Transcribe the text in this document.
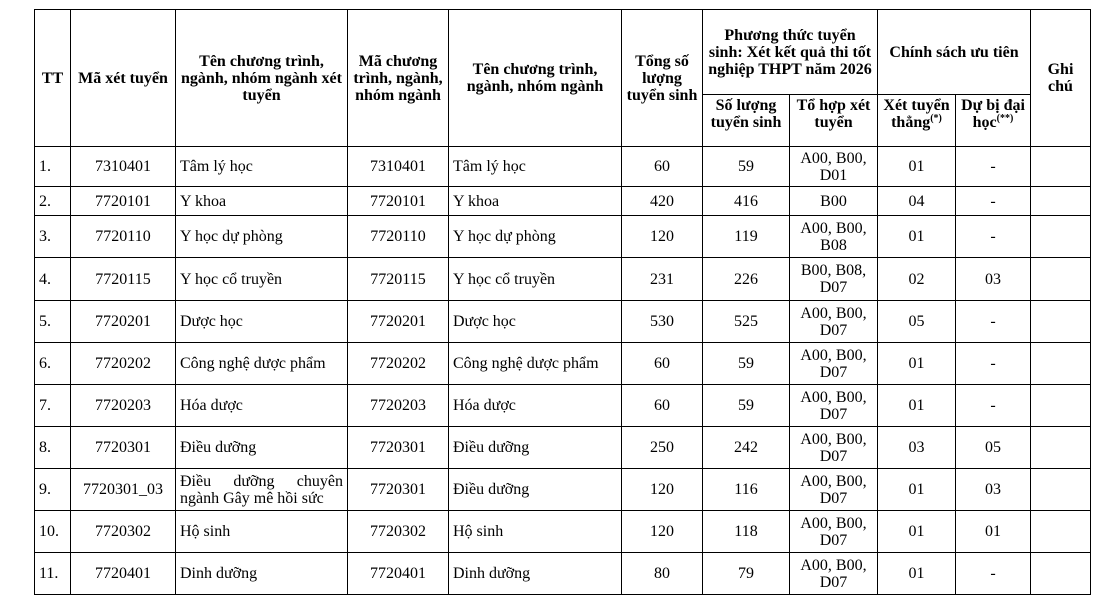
TT	Mã xét tuyển	Tên chương trình, ngành, nhóm ngành xét tuyển	Mã chương trình, ngành, nhóm ngành	Tên chương trình, ngành, nhóm ngành	Tổng số lượng tuyển sinh	Phương thức tuyển sinh: Xét kết quả thi tốt nghiệp THPT năm 2026		Chính sách ưu tiên		Ghi chú
						Số lượng tuyển sinh	Tổ hợp xét tuyển	Xét tuyển thẳng(*)	Dự bị đại học(**)
1.	7310401	Tâm lý học	7310401	Tâm lý học	60	59	A00, B00, D01	01	-	
2.	7720101	Y khoa	7720101	Y khoa	420	416	B00	04	-	
3.	7720110	Y học dự phòng	7720110	Y học dự phòng	120	119	A00, B00, B08	01	-	
4.	7720115	Y học cổ truyền	7720115	Y học cổ truyền	231	226	B00, B08, D07	02	03	
5.	7720201	Dược học	7720201	Dược học	530	525	A00, B00, D07	05	-	
6.	7720202	Công nghệ dược phẩm	7720202	Công nghệ dược phẩm	60	59	A00, B00, D07	01	-	
7.	7720203	Hóa dược	7720203	Hóa dược	60	59	A00, B00, D07	01	-	
8.	7720301	Điều dưỡng	7720301	Điều dưỡng	250	242	A00, B00, D07	03	05	
9.	7720301_03	Điều dưỡng chuyên ngành Gây mê hồi sức	7720301	Điều dưỡng	120	116	A00, B00, D07	01	03	
10.	7720302	Hộ sinh	7720302	Hộ sinh	120	118	A00, B00, D07	01	01	
11.	7720401	Dinh dưỡng	7720401	Dinh dưỡng	80	79	A00, B00, D07	01	-	
